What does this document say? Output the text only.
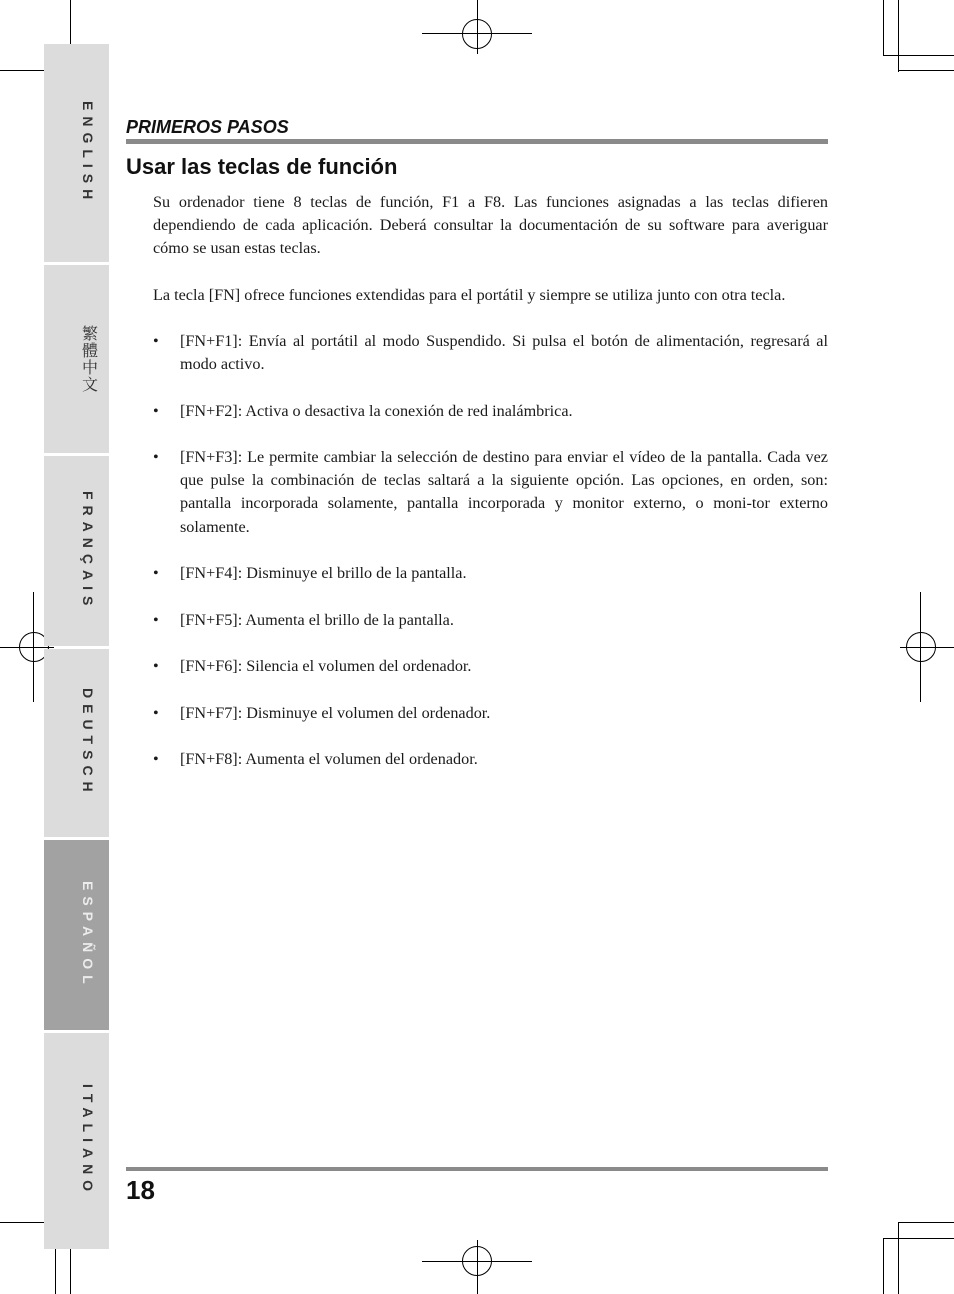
ENGLISH
繁體中文
FRANÇAIS
DEUTSCH
ESPAÑOL
ITALIANO
PRIMEROS PASOS
Usar las teclas de función

Su ordenador tiene 8 teclas de función, F1 a F8. Las funciones asignadas a las teclas difieren dependiendo de cada aplicación. Deberá consultar la documentación de su software para averiguar cómo se usan estas teclas.

La tecla [FN] ofrece funciones extendidas para el portátil y siempre se utiliza junto con otra tecla.

• [FN+F1]: Envía al portátil al modo Suspendido. Si pulsa el botón de alimentación, regresará al modo activo.
• [FN+F2]: Activa o desactiva la conexión de red inalámbrica.
• [FN+F3]: Le permite cambiar la selección de destino para enviar el vídeo de la pantalla. Cada vez que pulse la combinación de teclas saltará a la siguiente opción. Las opciones, en orden, son: pantalla incorporada solamente, pantalla incorporada y monitor externo, o moni-tor externo solamente.
• [FN+F4]: Disminuye el brillo de la pantalla.
• [FN+F5]: Aumenta el brillo de la pantalla.
• [FN+F6]: Silencia el volumen del ordenador.
• [FN+F7]: Disminuye el volumen del ordenador.
• [FN+F8]: Aumenta el volumen del ordenador.
18
